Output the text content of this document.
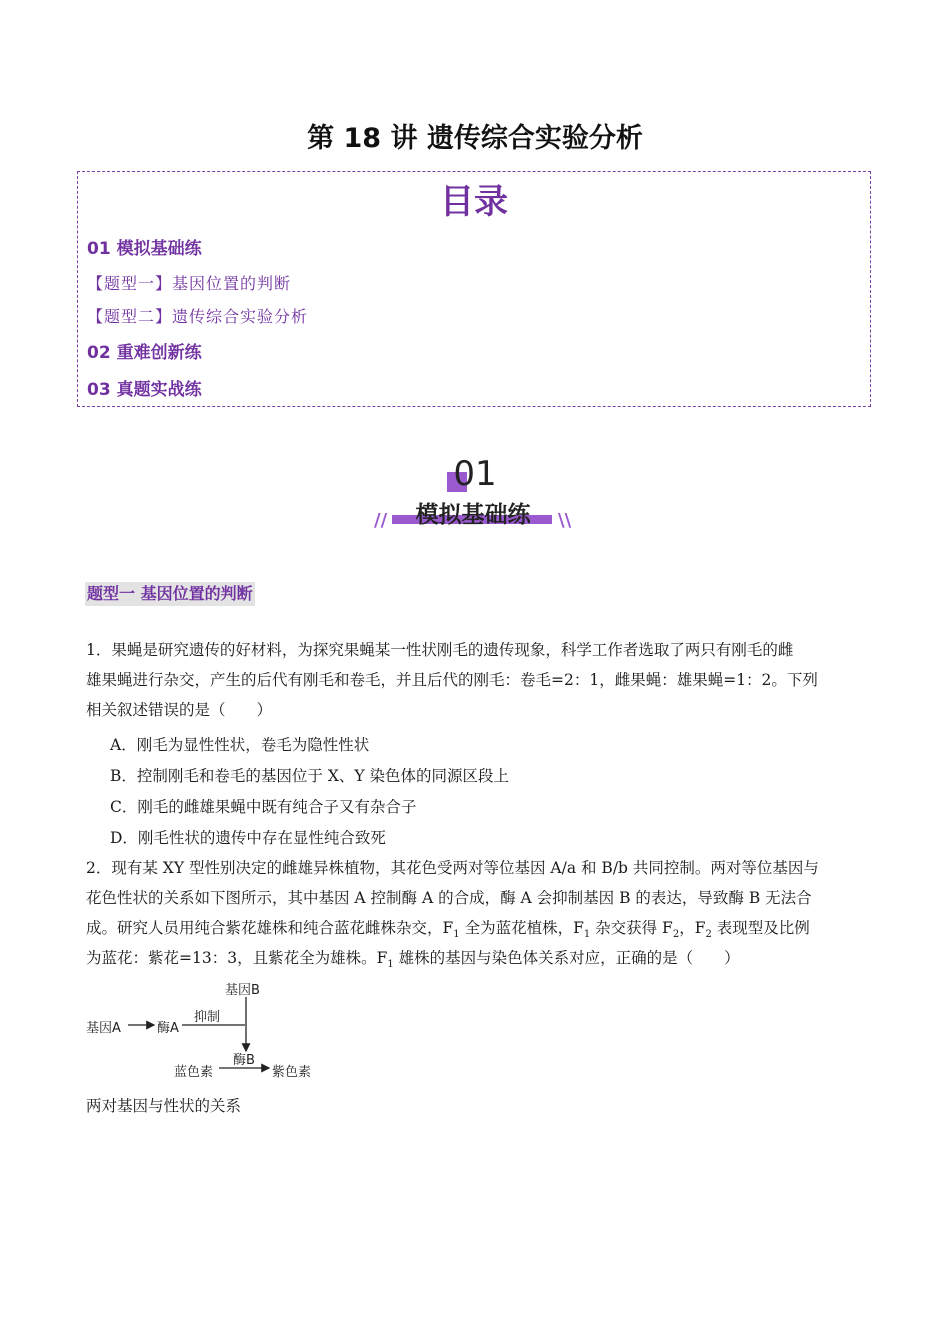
第 18 讲 遗传综合实验分析
目录
01 模拟基础练
【题型一】基因位置的判断
【题型二】遗传综合实验分析
02 重难创新练
03 真题实战练
01
模拟基础练
//	\\
题型一 基因位置的判断
1．果蝇是研究遗传的好材料，为探究果蝇某一性状刚毛的遗传现象，科学工作者选取了两只有刚毛的雌
雄果蝇进行杂交，产生的后代有刚毛和卷毛，并且后代的刚毛：卷毛=2：1，雌果蝇：雄果蝇=1：2。下列
相关叙述错误的是（　　）
A．刚毛为显性性状，卷毛为隐性性状
B．控制刚毛和卷毛的基因位于 X、Y 染色体的同源区段上
C．刚毛的雌雄果蝇中既有纯合子又有杂合子
D．刚毛性状的遗传中存在显性纯合致死
2．现有某 XY 型性别决定的雌雄异株植物，其花色受两对等位基因 A/a 和 B/b 共同控制。两对等位基因与
花色性状的关系如下图所示，其中基因 A 控制酶 A 的合成，酶 A 会抑制基因 B 的表达，导致酶 B 无法合
成。研究人员用纯合紫花雄株和纯合蓝花雌株杂交，$F_1$ 全为蓝花植株，$F_1$ 杂交获得 $F_2$，$F_2$ 表现型及比例
为蓝花：紫花=13：3，且紫花全为雄株。$F_1$ 雄株的基因与染色体关系对应，正确的是（　　）
基因A	酶A
抑制
基因B
酶B
蓝色素	紫色素
两对基因与性状的关系
